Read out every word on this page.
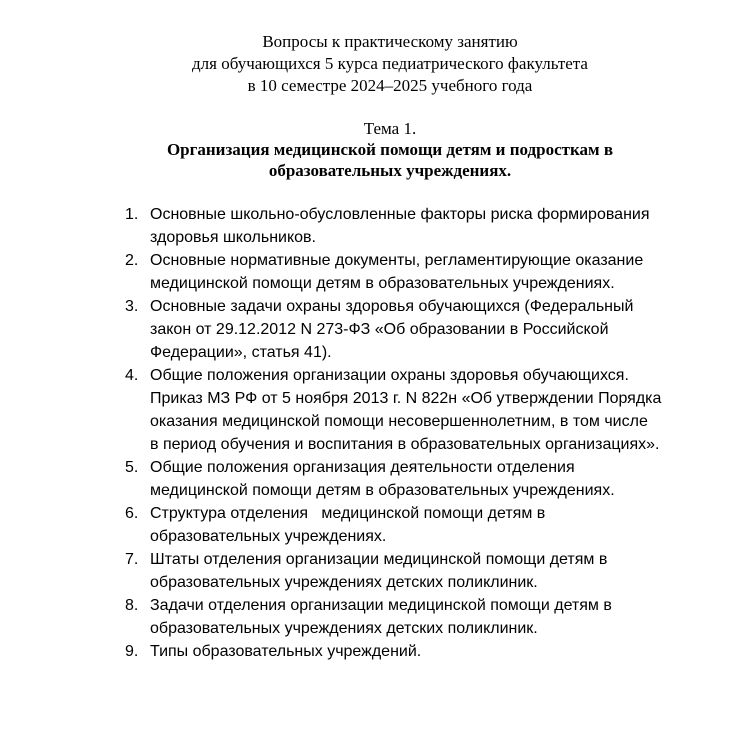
Вопросы к практическому занятию
для обучающихся 5 курса педиатрического факультета
в 10 семестре 2024–2025 учебного года
Тема 1.
Организация медицинской помощи детям и подросткам в
образовательных учреждениях.
1. Основные школьно-обусловленные факторы риска формирования
здоровья школьников.
2. Основные нормативные документы, регламентирующие оказание
медицинской помощи детям в образовательных учреждениях.
3. Основные задачи охраны здоровья обучающихся (Федеральный
закон от 29.12.2012 N 273-ФЗ «Об образовании в Российской
Федерации», статья 41).
4. Общие положения организации охраны здоровья обучающихся.
Приказ МЗ РФ от 5 ноября 2013 г. N 822н «Об утверждении Порядка
оказания медицинской помощи несовершеннолетним, в том числе
в период обучения и воспитания в образовательных организациях».
5. Общие положения организация деятельности отделения
медицинской помощи детям в образовательных учреждениях.
6. Структура отделения   медицинской помощи детям в
образовательных учреждениях.
7. Штаты отделения организации медицинской помощи детям в
образовательных учреждениях детских поликлиник.
8. Задачи отделения организации медицинской помощи детям в
образовательных учреждениях детских поликлиник.
9. Типы образовательных учреждений.
